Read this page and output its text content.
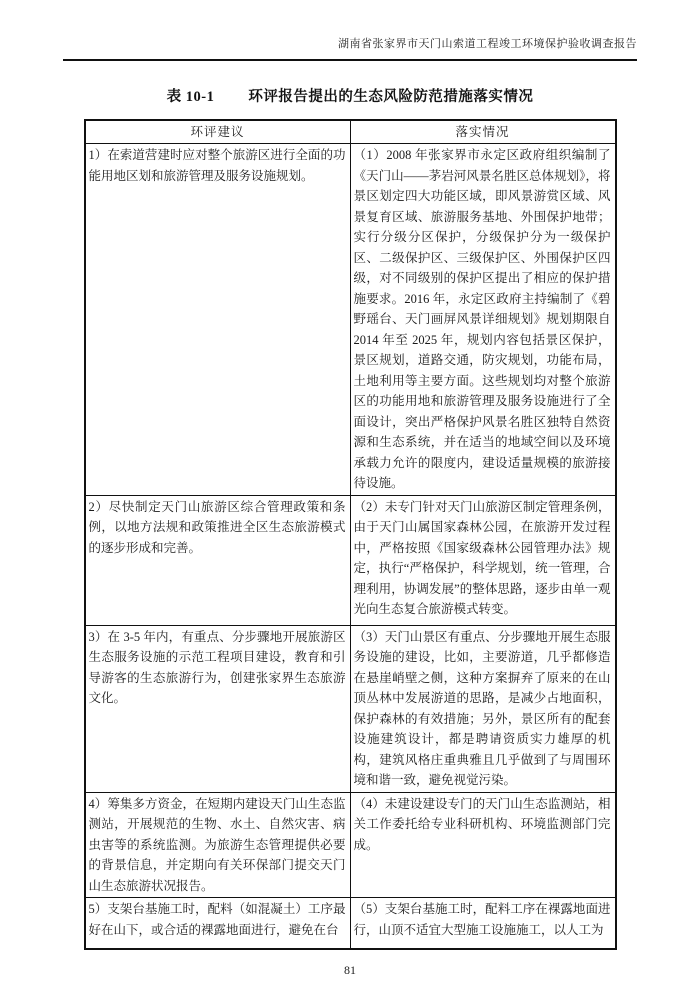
湖南省张家界市天门山索道工程竣工环境保护验收调查报告
表 10-1 环评报告提出的生态风险防范措施落实情况
环评建议	落实情况
1）在索道营建时应对整个旅游区进行全面的功能用地区划和旅游管理及服务设施规划。	（1）2008 年张家界市永定区政府组织编制了《天门山——茅岩河风景名胜区总体规划》，将景区划定四大功能区域，即风景游赏区域、风景复育区域、旅游服务基地、外围保护地带；实行分级分区保护，分级保护分为一级保护区、二级保护区、三级保护区、外围保护区四级，对不同级别的保护区提出了相应的保护措施要求。2016 年，永定区政府主持编制了《碧野瑶台、天门画屏风景详细规划》规划期限自 2014 年至 2025 年，规划内容包括景区保护，景区规划，道路交通，防灾规划，功能布局，土地利用等主要方面。这些规划均对整个旅游区的功能用地和旅游管理及服务设施进行了全面设计，突出严格保护风景名胜区独特自然资源和生态系统，并在适当的地域空间以及环境承载力允许的限度内，建设适量规模的旅游接待设施。
2）尽快制定天门山旅游区综合管理政策和条例，以地方法规和政策推进全区生态旅游模式的逐步形成和完善。	（2）未专门针对天门山旅游区制定管理条例，由于天门山属国家森林公园，在旅游开发过程中，严格按照《国家级森林公园管理办法》规定，执行“严格保护，科学规划，统一管理，合理利用，协调发展”的整体思路，逐步由单一观光向生态复合旅游模式转变。
3）在 3-5 年内，有重点、分步骤地开展旅游区生态服务设施的示范工程项目建设，教育和引导游客的生态旅游行为，创建张家界生态旅游文化。	（3）天门山景区有重点、分步骤地开展生态服务设施的建设，比如，主要游道，几乎都修造在悬崖峭壁之侧，这种方案摒弃了原来的在山顶丛林中发展游道的思路，是减少占地面积，保护森林的有效措施；另外，景区所有的配套设施建筑设计，都是聘请资质实力雄厚的机构，建筑风格庄重典雅且几乎做到了与周围环境和谐一致，避免视觉污染。
4）筹集多方资金，在短期内建设天门山生态监测站，开展规范的生物、水土、自然灾害、病虫害等的系统监测。为旅游生态管理提供必要的背景信息，并定期向有关环保部门提交天门山生态旅游状况报告。	（4）未建设建设专门的天门山生态监测站，相关工作委托给专业科研机构、环境监测部门完成。
5）支架台基施工时，配料（如混凝土）工序最好在山下，或合适的裸露地面进行，避免在台	（5）支架台基施工时，配料工序在裸露地面进行，山顶不适宜大型施工设施施工，以人工为
81
